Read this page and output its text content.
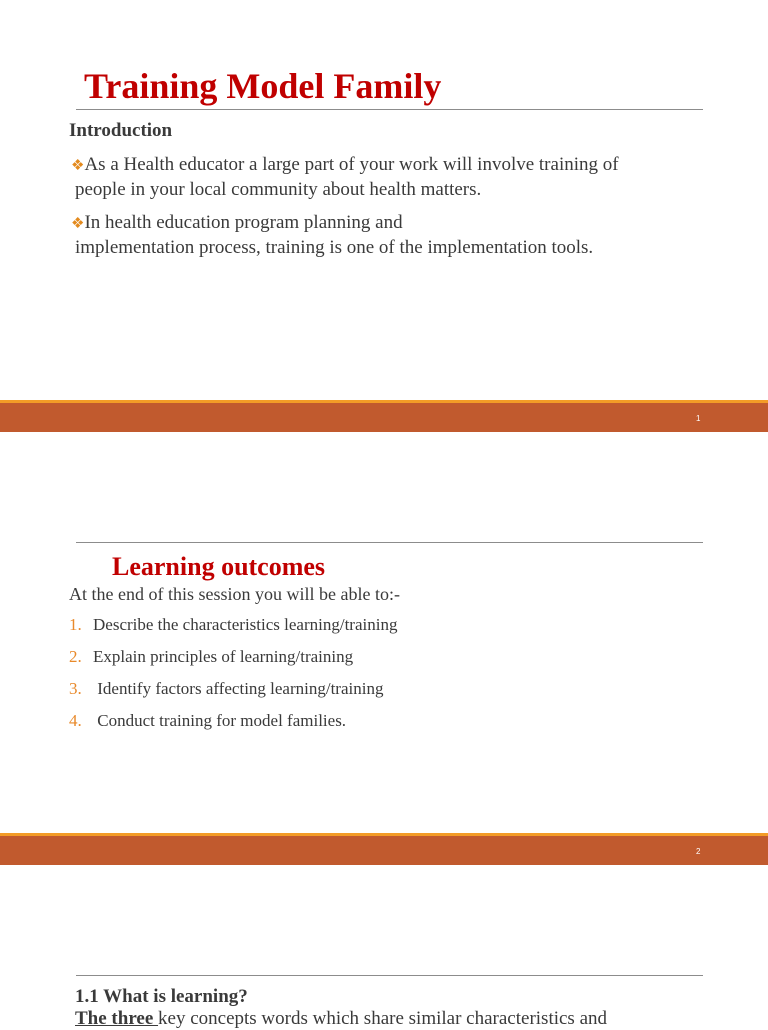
Training Model Family
Introduction
❖As a Health educator a large part of your work will involve training of
people in your local community about health matters.
❖In health education program planning and
implementation process, training is one of the implementation tools.
1
Learning outcomes
At the end of this session you will be able to:-
1. Describe the characteristics learning/training
2. Explain principles of learning/training
3. Identify factors affecting learning/training
4. Conduct training for model families.
2
1.1 What is learning?
The three key concepts words which share similar characteristics and
